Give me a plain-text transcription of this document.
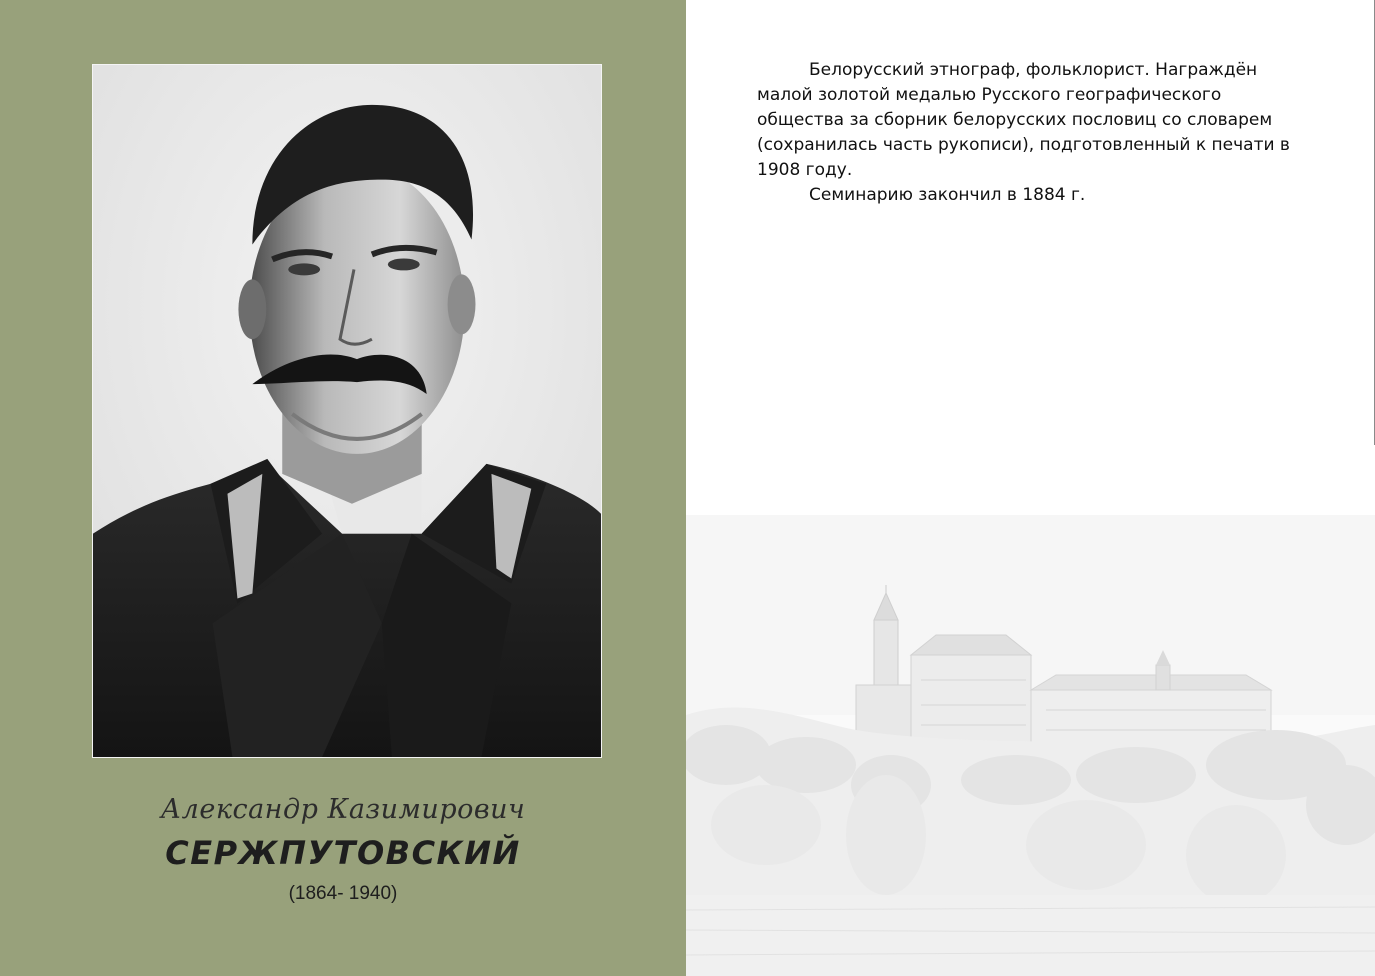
Александр Казимирович
СЕРЖПУТОВСКИЙ
(1864- 1940)

Белорусский этнограф, фольклорист. Награждён малой золотой медалью Русского географического общества за сборник белорусских пословиц со словарем (сохранилась часть рукописи), подготовленный к печати в 1908 году.

Семинарию закончил в 1884 г.
